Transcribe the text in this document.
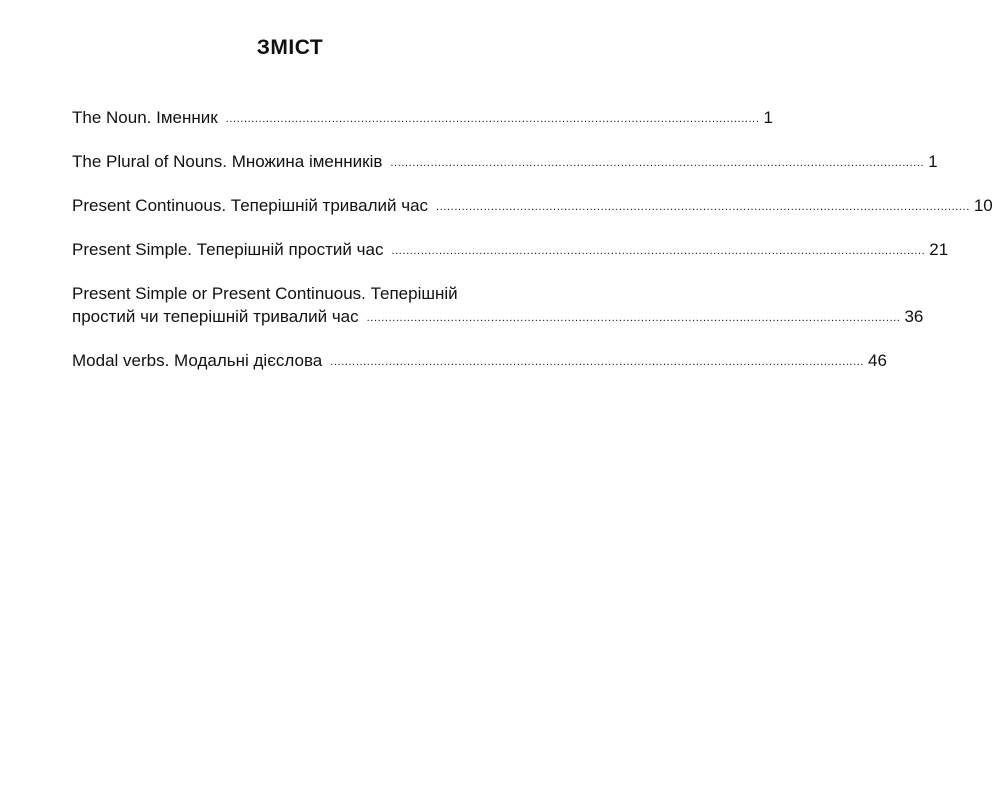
ЗМІСТ
The Noun. Іменник .................................................................................................................................................. 1
The Plural of Nouns. Множина іменників .................................................................................................................................................. 1
Present Continuous. Теперішній тривалий час .................................................................................................................................................. 10
Present Simple. Теперішній простий час .................................................................................................................................................. 21
Present Simple or Present Continuous. Теперішній
простий чи теперішній тривалий час .................................................................................................................................................. 36
Modal verbs. Модальні дієслова .................................................................................................................................................. 46
